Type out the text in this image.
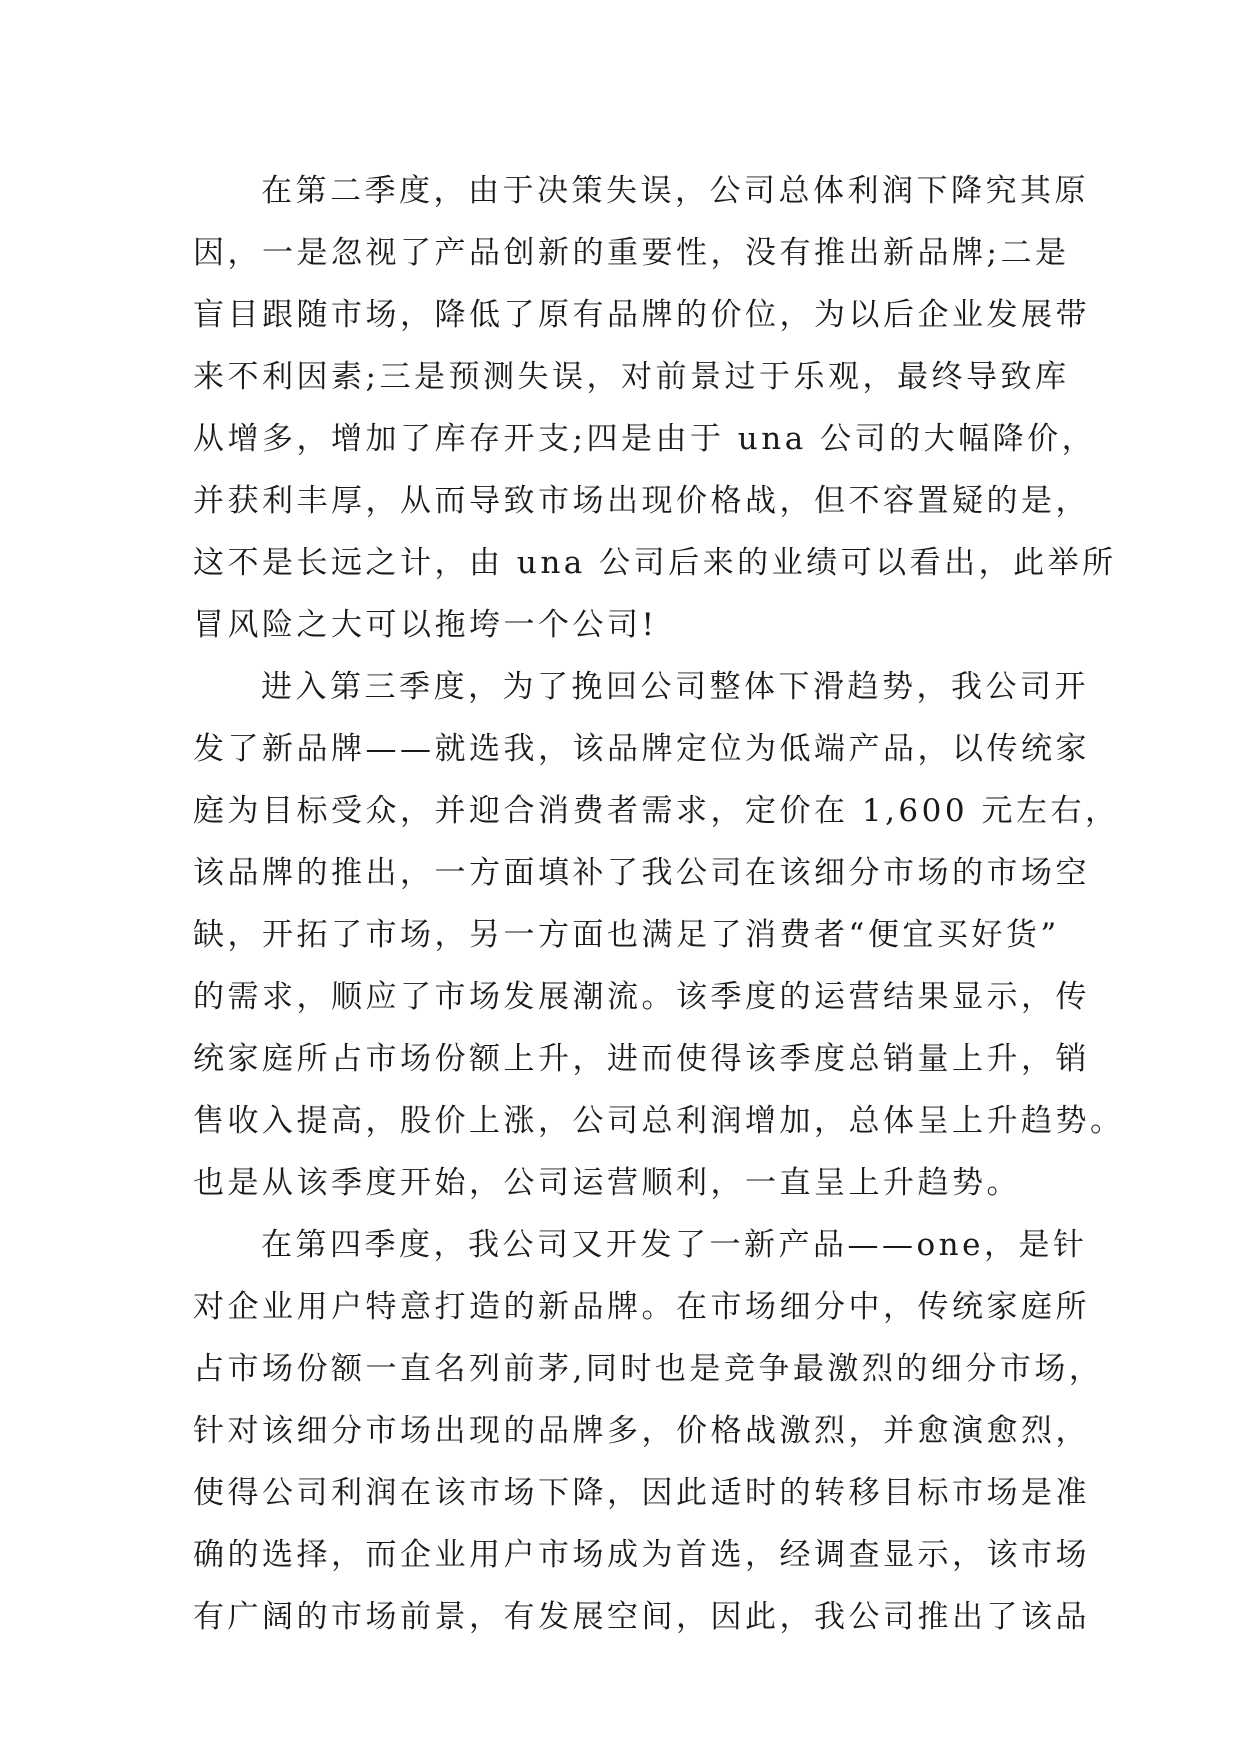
在第二季度，由于决策失误，公司总体利润下降究其原
因，一是忽视了产品创新的重要性，没有推出新品牌;二是
盲目跟随市场，降低了原有品牌的价位，为以后企业发展带
来不利因素;三是预测失误，对前景过于乐观，最终导致库
从增多，增加了库存开支;四是由于 una 公司的大幅降价，
并获利丰厚，从而导致市场出现价格战，但不容置疑的是，
这不是长远之计，由 una 公司后来的业绩可以看出，此举所
冒风险之大可以拖垮一个公司!

进入第三季度，为了挽回公司整体下滑趋势，我公司开
发了新品牌——就选我，该品牌定位为低端产品，以传统家
庭为目标受众，并迎合消费者需求，定价在 1,600 元左右，
该品牌的推出，一方面填补了我公司在该细分市场的市场空
缺，开拓了市场，另一方面也满足了消费者“便宜买好货”
的需求，顺应了市场发展潮流。该季度的运营结果显示，传
统家庭所占市场份额上升，进而使得该季度总销量上升，销
售收入提高，股价上涨，公司总利润增加，总体呈上升趋势。
也是从该季度开始，公司运营顺利，一直呈上升趋势。

在第四季度，我公司又开发了一新产品——one，是针
对企业用户特意打造的新品牌。在市场细分中，传统家庭所
占市场份额一直名列前茅,同时也是竞争最激烈的细分市场，
针对该细分市场出现的品牌多，价格战激烈，并愈演愈烈，
使得公司利润在该市场下降，因此适时的转移目标市场是准
确的选择，而企业用户市场成为首选，经调查显示，该市场
有广阔的市场前景，有发展空间，因此，我公司推出了该品
